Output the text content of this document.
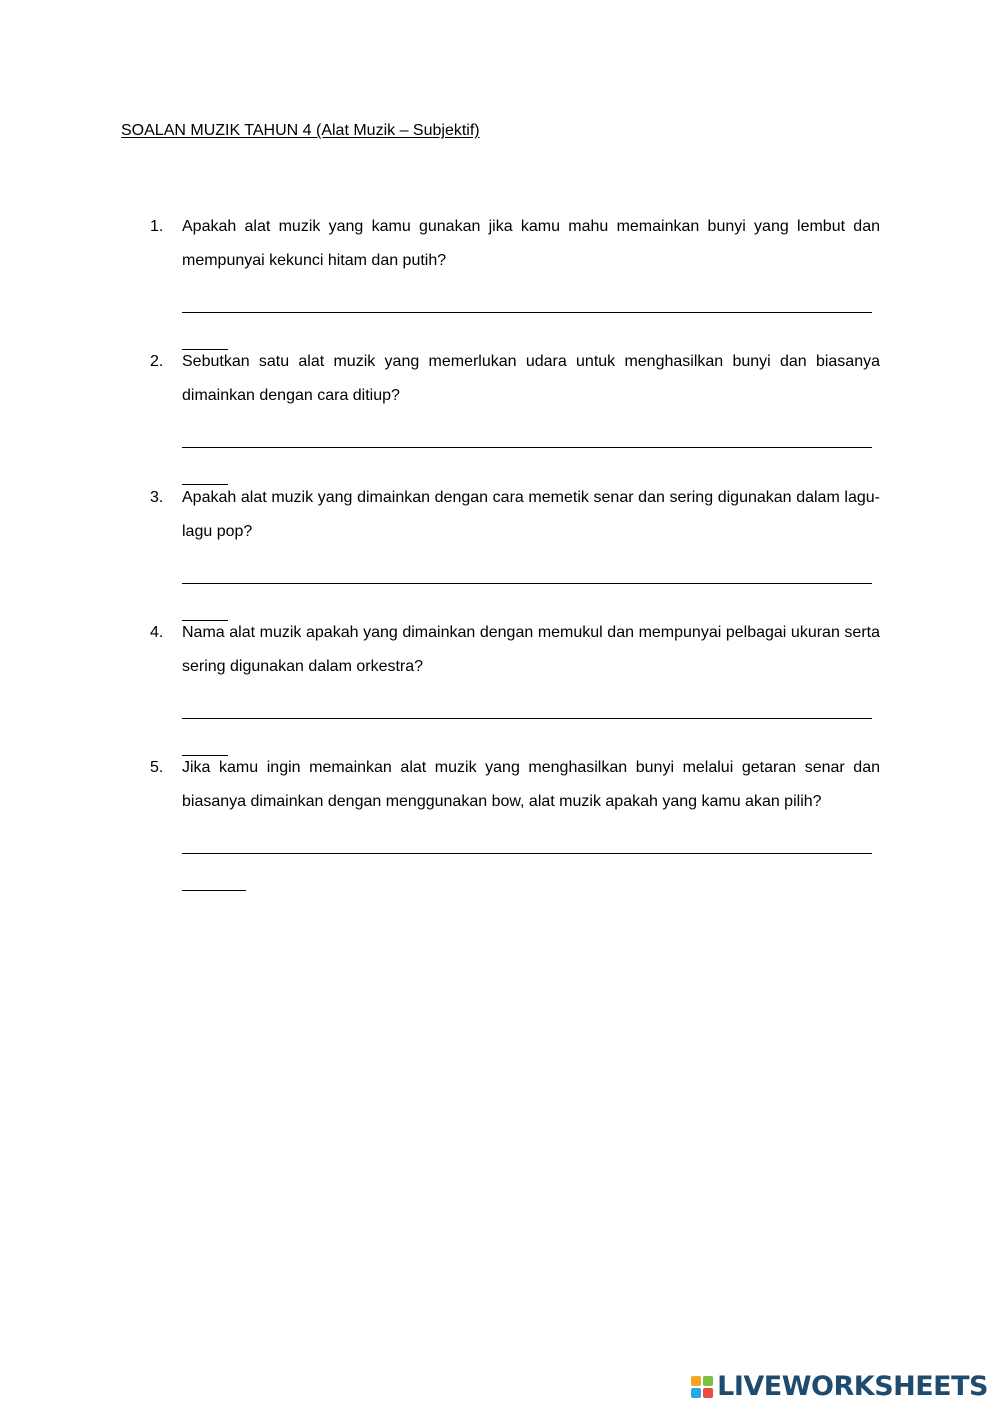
SOALAN MUZIK TAHUN 4 (Alat Muzik – Subjektif)
1. Apakah alat muzik yang kamu gunakan jika kamu mahu memainkan bunyi yang lembut dan mempunyai kekunci hitam dan putih?
2. Sebutkan satu alat muzik yang memerlukan udara untuk menghasilkan bunyi dan biasanya dimainkan dengan cara ditiup?
3. Apakah alat muzik yang dimainkan dengan cara memetik senar dan sering digunakan dalam lagu-lagu pop?
4. Nama alat muzik apakah yang dimainkan dengan memukul dan mempunyai pelbagai ukuran serta sering digunakan dalam orkestra?
5. Jika kamu ingin memainkan alat muzik yang menghasilkan bunyi melalui getaran senar dan biasanya dimainkan dengan menggunakan bow, alat muzik apakah yang kamu akan pilih?
LIVEWORKSHEETS
